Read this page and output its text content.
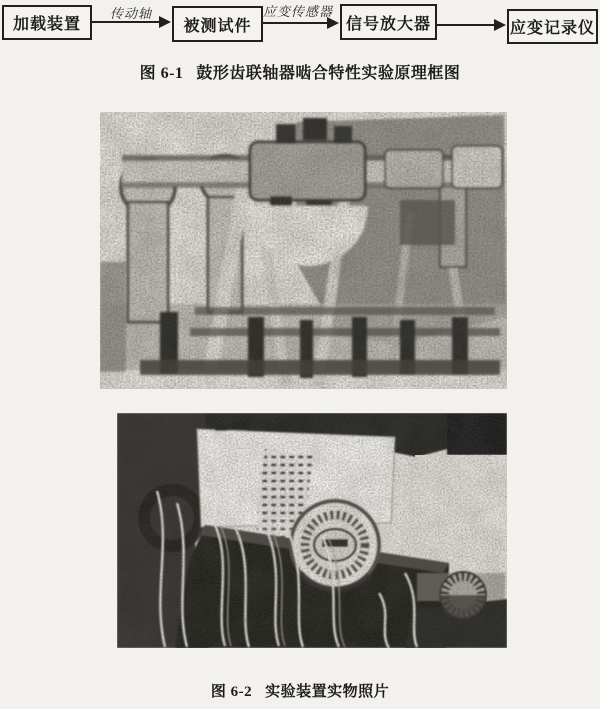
加载装置	被测试件	信号放大器	应变记录仪
传动轴	应变传感器
图 6-1 鼓形齿联轴器啮合特性实验原理框图
图 6-2 实验装置实物照片
